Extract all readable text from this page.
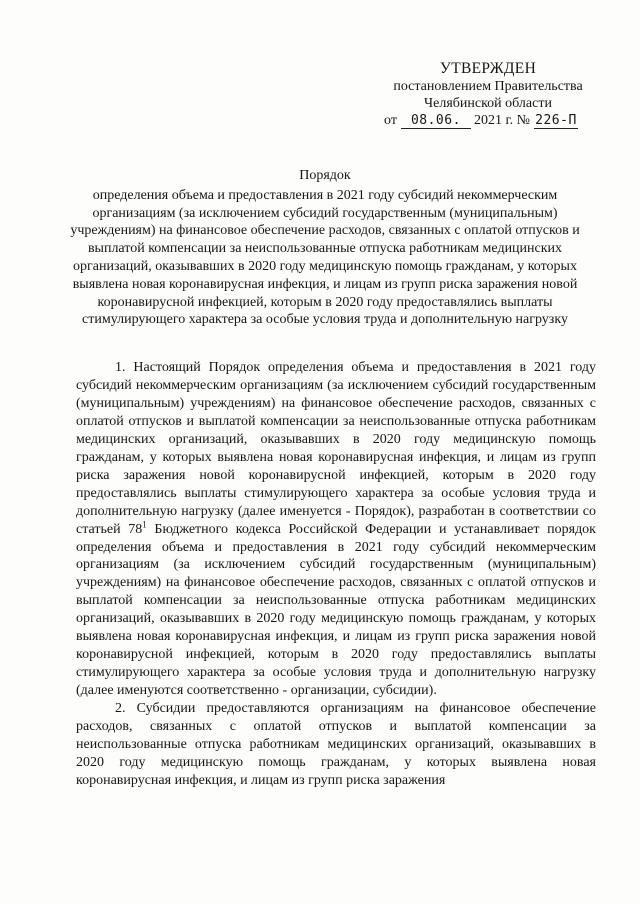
УТВЕРЖДЕН
постановлением Правительства
Челябинской области
от 08.06. 2021 г. № 226-П
Порядок
определения объема и предоставления в 2021 году субсидий некоммерческим организациям (за исключением субсидий государственным (муниципальным) учреждениям) на финансовое обеспечение расходов, связанных с оплатой отпусков и выплатой компенсации за неиспользованные отпуска работникам медицинских организаций, оказывавших в 2020 году медицинскую помощь гражданам, у которых выявлена новая коронавирусная инфекция, и лицам из групп риска заражения новой коронавирусной инфекцией, которым в 2020 году предоставлялись выплаты стимулирующего характера за особые условия труда и дополнительную нагрузку

1. Настоящий Порядок определения объема и предоставления в 2021 году субсидий некоммерческим организациям (за исключением субсидий государственным (муниципальным) учреждениям) на финансовое обеспечение расходов, связанных с оплатой отпусков и выплатой компенсации за неиспользованные отпуска работникам медицинских организаций, оказывавших в 2020 году медицинскую помощь гражданам, у которых выявлена новая коронавирусная инфекция, и лицам из групп риска заражения новой коронавирусной инфекцией, которым в 2020 году предоставлялись выплаты стимулирующего характера за особые условия труда и дополнительную нагрузку (далее именуется - Порядок), разработан в соответствии со статьей $78^1$ Бюджетного кодекса Российской Федерации и устанавливает порядок определения объема и предоставления в 2021 году субсидий некоммерческим организациям (за исключением субсидий государственным (муниципальным) учреждениям) на финансовое обеспечение расходов, связанных с оплатой отпусков и выплатой компенсации за неиспользованные отпуска работникам медицинских организаций, оказывавших в 2020 году медицинскую помощь гражданам, у которых выявлена новая коронавирусная инфекция, и лицам из групп риска заражения новой коронавирусной инфекцией, которым в 2020 году предоставлялись выплаты стимулирующего характера за особые условия труда и дополнительную нагрузку (далее именуются соответственно - организации, субсидии).

2. Субсидии предоставляются организациям на финансовое обеспечение расходов, связанных с оплатой отпусков и выплатой компенсации за неиспользованные отпуска работникам медицинских организаций, оказывавших в 2020 году медицинскую помощь гражданам, у которых выявлена новая коронавирусная инфекция, и лицам из групп риска заражения
